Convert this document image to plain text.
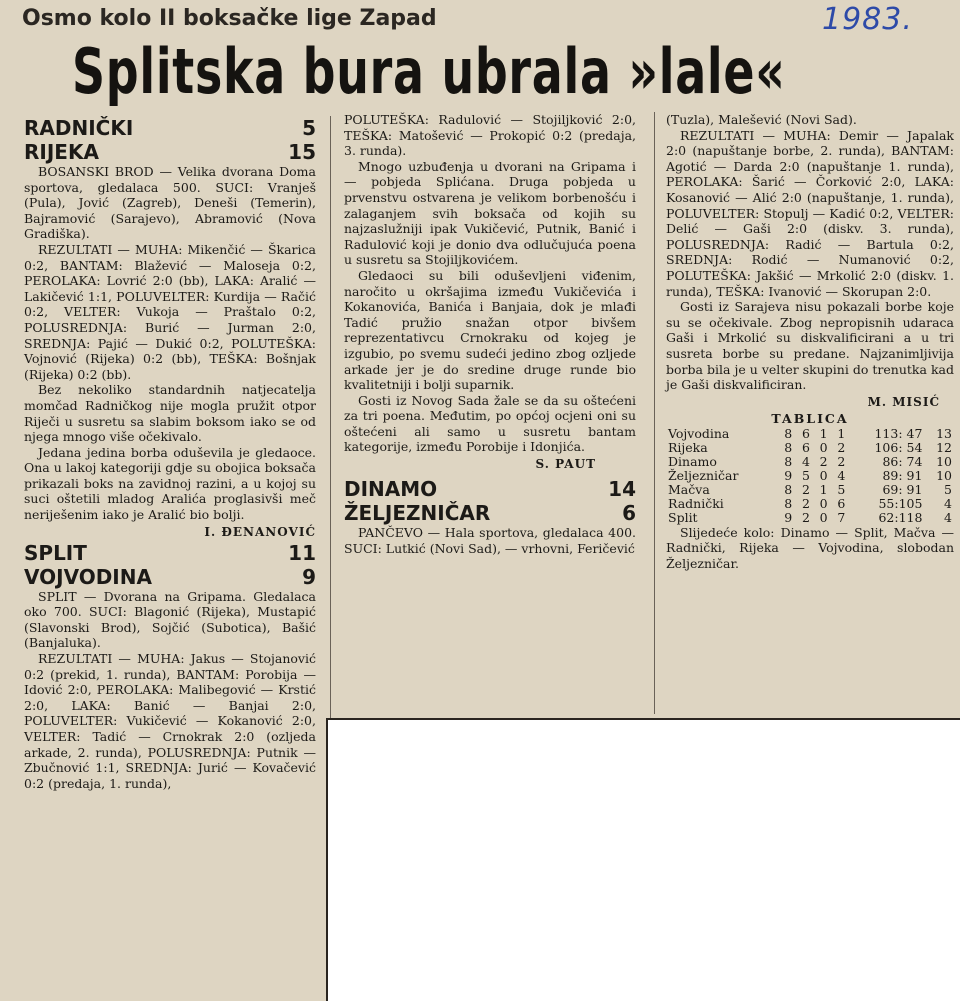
Osmo kolo II boksačke lige Zapad	1983.
Splitska bura ubrala »lale«
RADNIČKI	5
RIJEKA	15

BOSANSKI BROD — Velika dvorana Doma sportova, gledalaca 500. SUCI: Vranješ (Pula), Jović (Zagreb), Deneši (Temerin), Bajramović (Sarajevo), Abramović (Nova Gradiška).

REZULTATI — MUHA: Mikenčić — Škarica 0:2, BANTAM: Blažević — Maloseja 0:2, PEROLAKA: Lovrić 2:0 (bb), LAKA: Aralić — Lakičević 1:1, POLUVELTER: Kurdija — Račić 0:2, VELTER: Vukoja — Praštalo 0:2, POLUSREDNJA: Burić — Jurman 2:0, SREDNJA: Pajić — Dukić 0:2, POLUTEŠKA: Vojnović (Rijeka) 0:2 (bb), TEŠKA: Bošnjak (Rijeka) 0:2 (bb).

Bez nekoliko standardnih natjecatelja momčad Radničkog nije mogla pružit otpor Riječi u susretu sa slabim boksom iako se od njega mnogo više očekivalo.

Jedana jedina borba oduševila je gledaoce. Ona u lakoj kategoriji gdje su obojica boksača prikazali boks na zavidnoj razini, a u kojoj su suci oštetili mladog Aralića proglasivši meč neriješenim iako je Aralić bio bolji.

I. ĐENANOVIĆ
SPLIT	11
VOJVODINA	9

SPLIT — Dvorana na Gripama. Gledalaca oko 700. SUCI: Blagonić (Rijeka), Mustapić (Slavonski Brod), Sojčić (Subotica), Bašić (Banjaluka).

REZULTATI — MUHA: Jakus — Stojanović 0:2 (prekid, 1. runda), BANTAM: Porobija — Idović 2:0, PEROLAKA: Malibegović — Krstić 2:0, LAKA: Banić — Banjai 2:0, POLUVELTER: Vukičević — Kokanović 2:0, VELTER: Tadić — Crnokrak 2:0 (ozljeda arkade, 2. runda), POLUSREDNJA: Putnik — Zbučnović 1:1, SREDNJA: Jurić — Kovačević 0:2 (predaja, 1. runda),

POLUTEŠKA: Radulović — Stojiljković 2:0, TEŠKA: Matošević — Prokopić 0:2 (predaja, 3. runda).

Mnogo uzbuđenja u dvorani na Gripama i — pobjeda Splićana. Druga pobjeda u prvenstvu ostvarena je velikom borbenošću i zalaganjem svih boksača od kojih su najzaslužniji ipak Vukičević, Putnik, Banić i Radulović koji je donio dva odlučujuća poena u susretu sa Stojiljkovićem.

Gledaoci su bili oduševljeni viđenim, naročito u okršajima između Vukičevića i Kokanovića, Banića i Banjaia, dok je mlađi Tadić pružio snažan otpor bivšem reprezentativcu Crnokraku od kojeg je izgubio, po svemu sudeći jedino zbog ozljede arkade jer je do sredine druge runde bio kvalitetniji i bolji suparnik.

Gosti iz Novog Sada žale se da su oštećeni za tri poena. Međutim, po općoj ocjeni oni su oštećeni ali samo u susretu bantam kategorije, između Porobije i Idonjića.

S. PAUT
DINAMO	14
ŽELJEZNIČAR	6

PANČEVO — Hala sportova, gledalaca 400. SUCI: Lutkić (Novi Sad), — vrhovni, Feričević

(Tuzla), Malešević (Novi Sad).

REZULTATI — MUHA: Demir — Japalak 2:0 (napuštanje borbe, 2. runda), BANTAM: Agotić — Darda 2:0 (napuštanje 1. runda), PEROLAKA: Šarić — Čorković 2:0, LAKA: Kosanović — Alić 2:0 (napuštanje, 1. runda), POLUVELTER: Stopulj — Kadić 0:2, VELTER: Delić — Gaši 2:0 (diskv. 3. runda), POLUSREDNJA: Radić — Bartula 0:2, SREDNJA: Rodić — Numanović 0:2, POLUTEŠKA: Jakšić — Mrkolić 2:0 (diskv. 1. runda), TEŠKA: Ivanović — Skorupan 2:0.

Gosti iz Sarajeva nisu pokazali borbe koje su se očekivale. Zbog nepropisnih udaraca Gaši i Mrkolić su diskvalificirani a u tri susreta borbe su predane. Najzanimljivija borba bila je u velter skupini do trenutka kad je Gaši diskvalificiran.

M. MISIĆ
TABLICA
Vojvodina	8	6	1	1	113: 47	13
Rijeka	8	6	0	2	106: 54	12
Dinamo	8	4	2	2	86: 74	10
Željezničar	9	5	0	4	89: 91	10
Mačva	8	2	1	5	69: 91	5
Radnički	8	2	0	6	55:105	4
Split	9	2	0	7	62:118	4

Slijedeće kolo: Dinamo — Split, Mačva — Radnički, Rijeka — Vojvodina, slobodan Željezničar.
